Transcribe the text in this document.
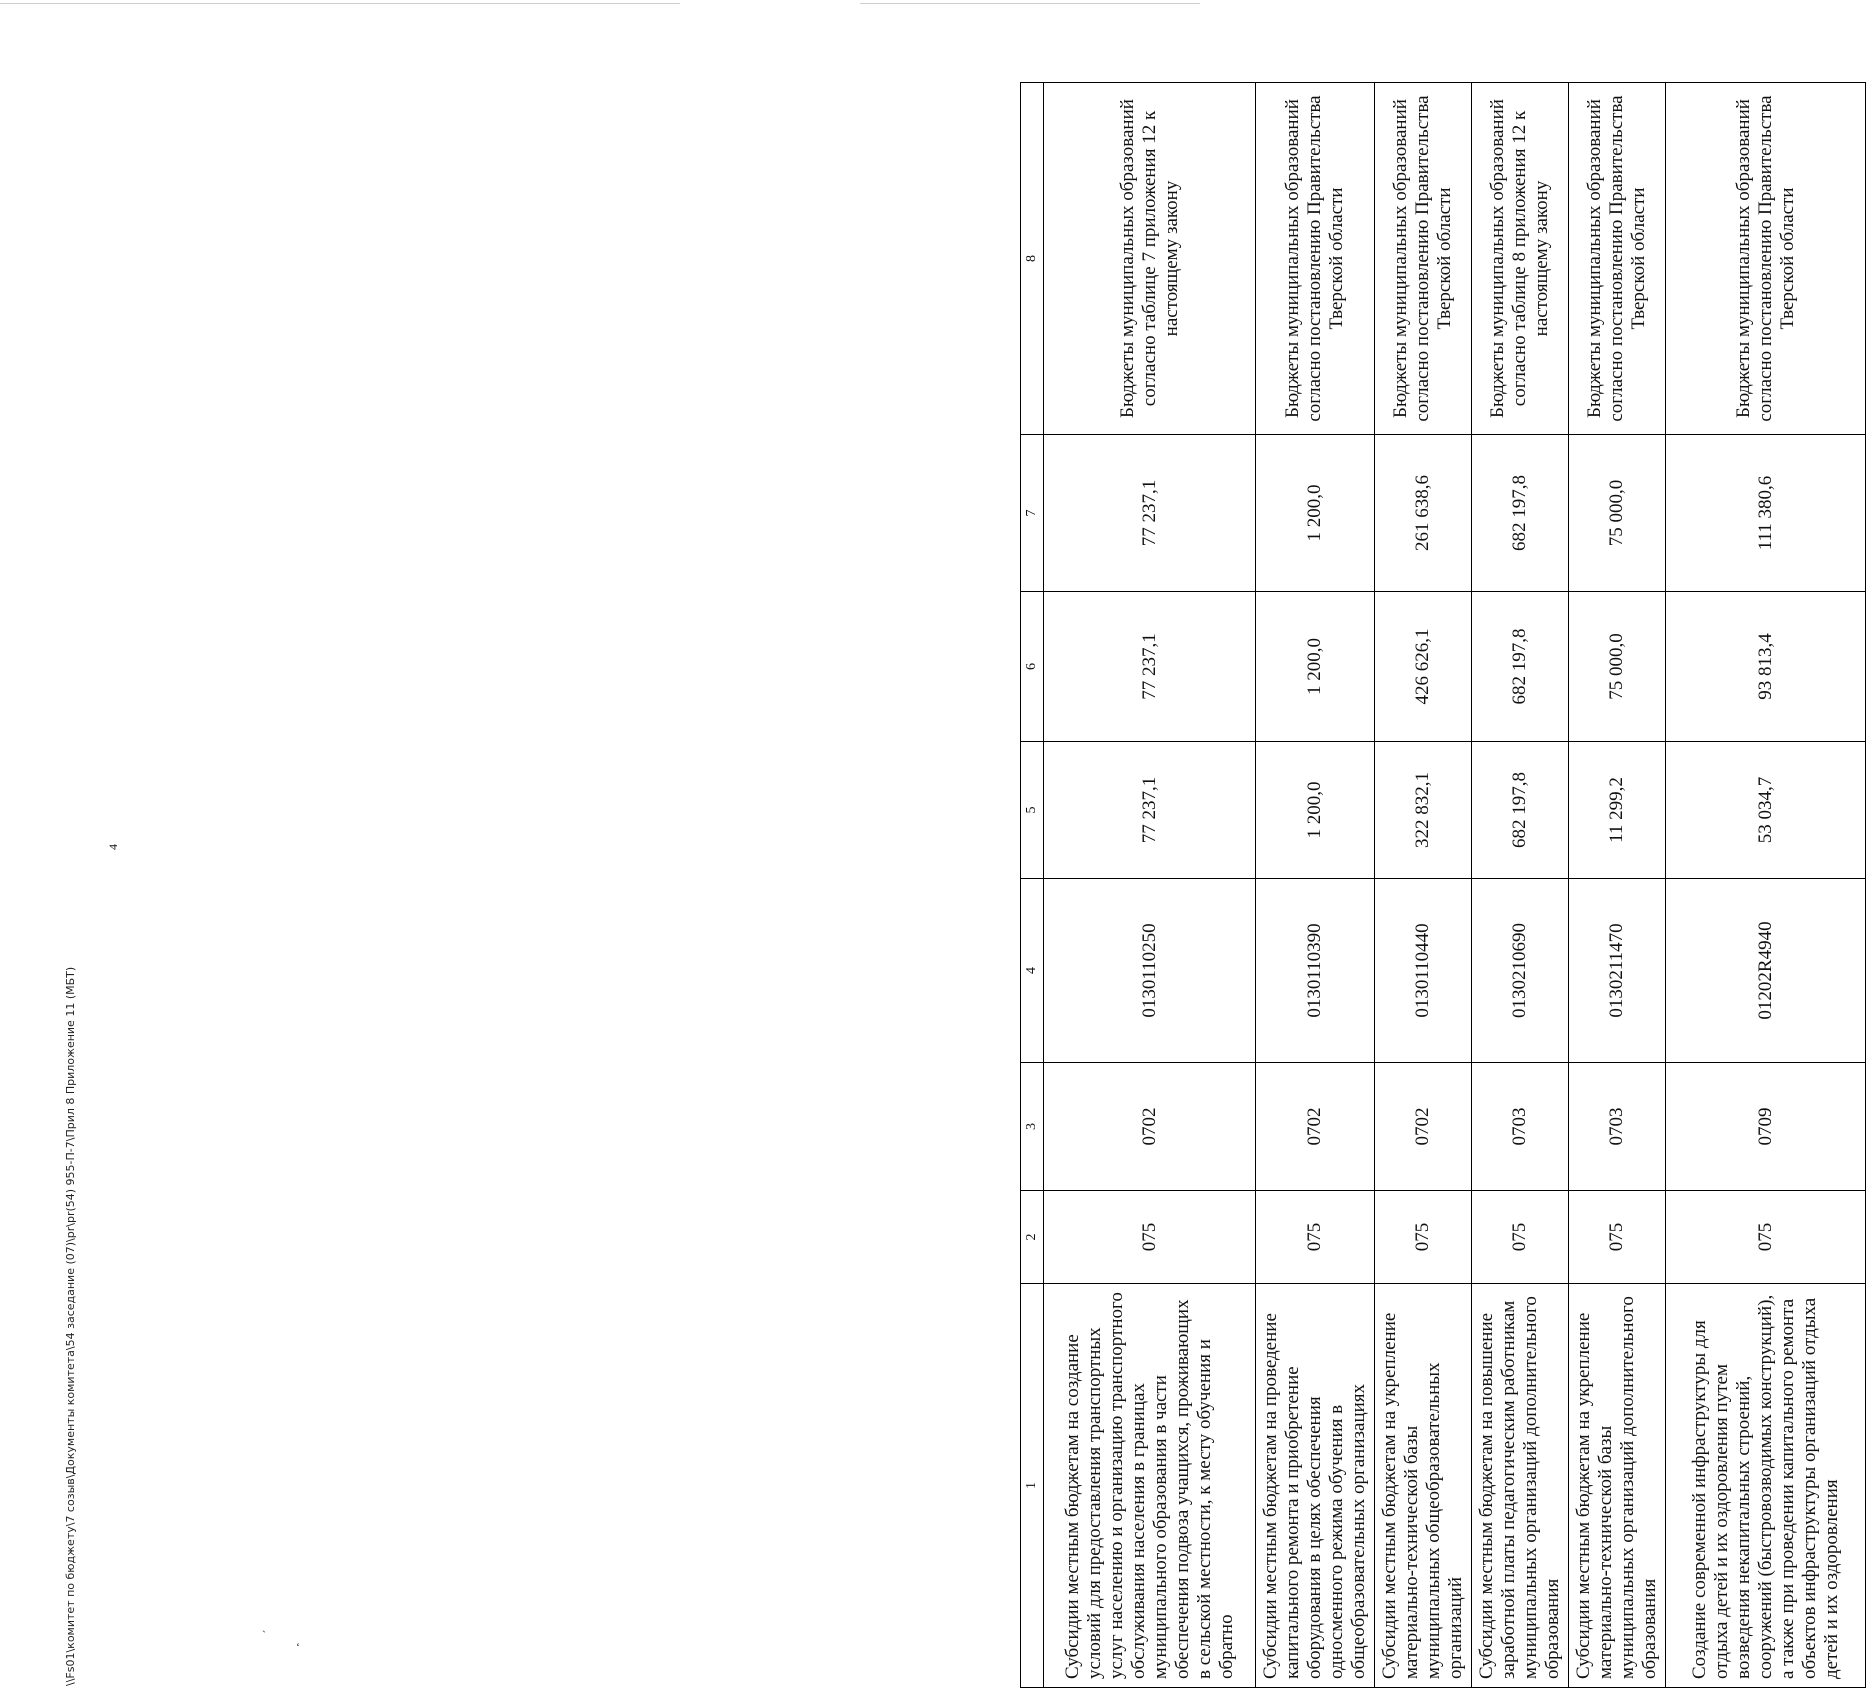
4
1	2	3	4	5	6	7	8
Субсидии местным бюджетам на создание условий для предоставления транспортных услуг населению и организацию транспортного обслуживания населения в границах муниципального образования в части обеспечения подвоза учащихся, проживающих в сельской местности, к месту обучения и обратно	075	0702	0130110250	77 237,1	77 237,1	77 237,1	Бюджеты муниципальных образований согласно таблице 7 приложения 12 к настоящему закону
Субсидии местным бюджетам на проведение капитального ремонта и приобретение оборудования в целях обеспечения односменного режима обучения в общеобразовательных организациях	075	0702	0130110390	1 200,0	1 200,0	1 200,0	Бюджеты муниципальных образований согласно постановлению Правительства Тверской области
Субсидии местным бюджетам на укрепление материально-технической базы муниципальных общеобразовательных организаций	075	0702	0130110440	322 832,1	426 626,1	261 638,6	Бюджеты муниципальных образований согласно постановлению Правительства Тверской области
Субсидии местным бюджетам на повышение заработной платы педагогическим работникам муниципальных организаций дополнительного образования	075	0703	0130210690	682 197,8	682 197,8	682 197,8	Бюджеты муниципальных образований согласно таблице 8 приложения 12 к настоящему закону
Субсидии местным бюджетам на укрепление материально-технической базы муниципальных организаций дополнительного образования	075	0703	0130211470	11 299,2	75 000,0	75 000,0	Бюджеты муниципальных образований согласно постановлению Правительства Тверской области
Создание современной инфраструктуры для отдыха детей и их оздоровления путем возведения некапитальных строений, сооружений (быстровозводимых конструкций), а также при проведении капитального ремонта объектов инфраструктуры организаций отдыха детей и их оздоровления	075	0709	01202R4940	53 034,7	93 813,4	111 380,6	Бюджеты муниципальных образований согласно постановлению Правительства Тверской области
\\Fs01\комитет по бюджету\7 созыв\Документы комитета\54 заседание (07)\pr\pr(54) 955-П-7\Прил 8 Приложение 11 (МБТ)	`
‘
